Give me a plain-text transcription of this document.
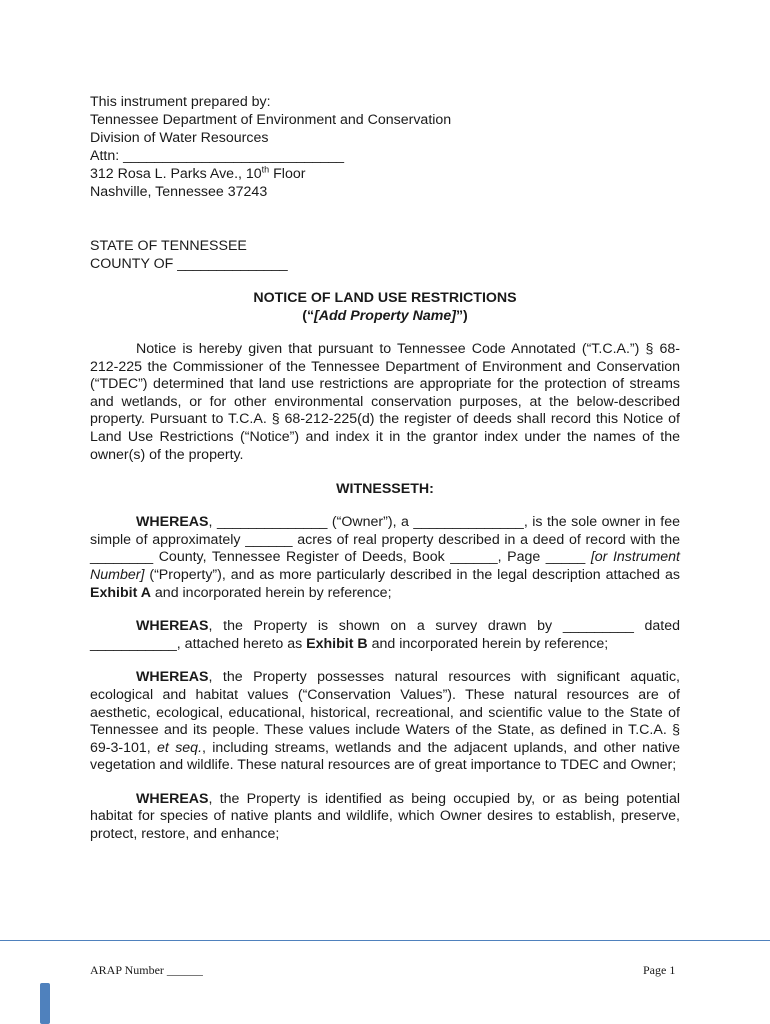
This instrument prepared by:
Tennessee Department of Environment and Conservation
Division of Water Resources
Attn: ____________________________
312 Rosa L. Parks Ave., 10th Floor
Nashville, Tennessee 37243
STATE OF TENNESSEE
COUNTY OF ______________
NOTICE OF LAND USE RESTRICTIONS
(“[Add Property Name]”)

Notice is hereby given that pursuant to Tennessee Code Annotated (“T.C.A.”) § 68-212-225 the Commissioner of the Tennessee Department of Environment and Conservation (“TDEC”) determined that land use restrictions are appropriate for the protection of streams and wetlands, or for other environmental conservation purposes, at the below-described property. Pursuant to T.C.A. § 68-212-225(d) the register of deeds shall record this Notice of Land Use Restrictions (“Notice”) and index it in the grantor index under the names of the owner(s) of the property.

WITNESSETH:

WHEREAS, ______________ (“Owner”), a ______________, is the sole owner in fee simple of approximately ______ acres of real property described in a deed of record with the ________ County, Tennessee Register of Deeds, Book ______, Page _____ [or Instrument Number] (“Property”), and as more particularly described in the legal description attached as Exhibit A and incorporated herein by reference;

WHEREAS, the Property is shown on a survey drawn by _________ dated ___________, attached hereto as Exhibit B and incorporated herein by reference;

WHEREAS, the Property possesses natural resources with significant aquatic, ecological and habitat values (“Conservation Values”). These natural resources are of aesthetic, ecological, educational, historical, recreational, and scientific value to the State of Tennessee and its people. These values include Waters of the State, as defined in T.C.A. § 69-3-101, et seq., including streams, wetlands and the adjacent uplands, and other native vegetation and wildlife. These natural resources are of great importance to TDEC and Owner;

WHEREAS, the Property is identified as being occupied by, or as being potential habitat for species of native plants and wildlife, which Owner desires to establish, preserve, protect, restore, and enhance;

ARAP Number ______	Page 1
